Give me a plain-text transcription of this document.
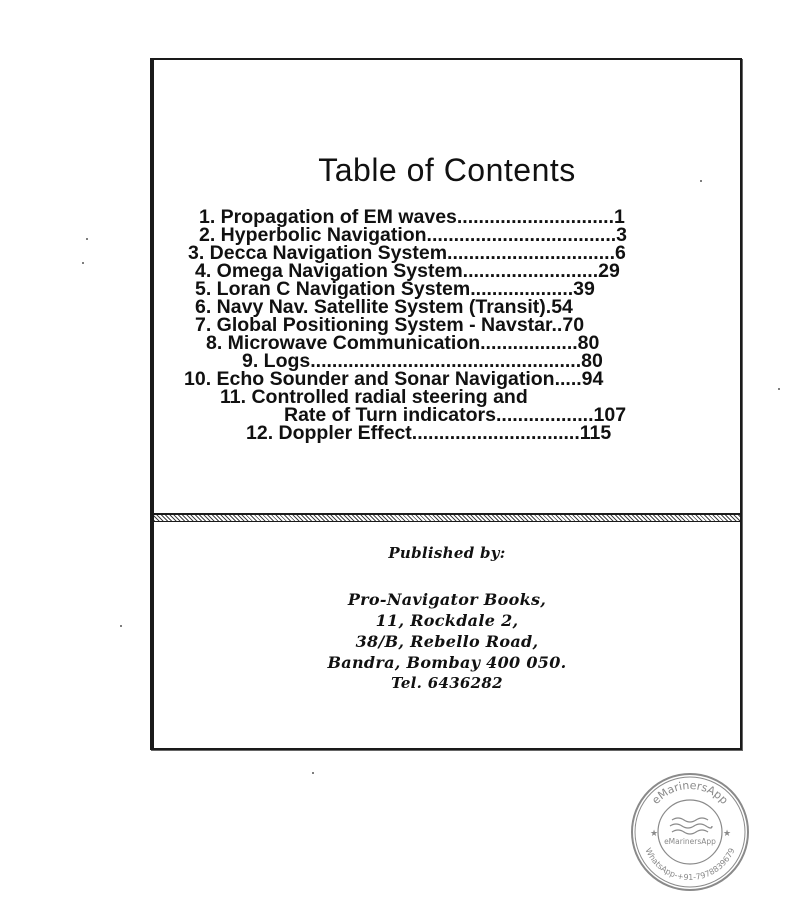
Table of Contents
1. Propagation of EM waves.............................1
2. Hyperbolic Navigation...................................3
3. Decca Navigation System...............................6
4. Omega Navigation System.........................29
5. Loran C Navigation System...................39
6. Navy Nav. Satellite System (Transit).54
7. Global Positioning System - Navstar..70
8. Microwave Communication..................80
9. Logs..................................................80
10. Echo Sounder and Sonar Navigation.....94
11. Controlled radial steering and
Rate of Turn indicators..................107
12. Doppler Effect...............................115
Published by:
Pro-Navigator Books,
11, Rockdale 2,
38/B, Rebello Road,
Bandra, Bombay 400 050.
Tel. 6436282
eMarinersApp
eMarinersApp
WhatsApp-+91-7978839679
★	★
